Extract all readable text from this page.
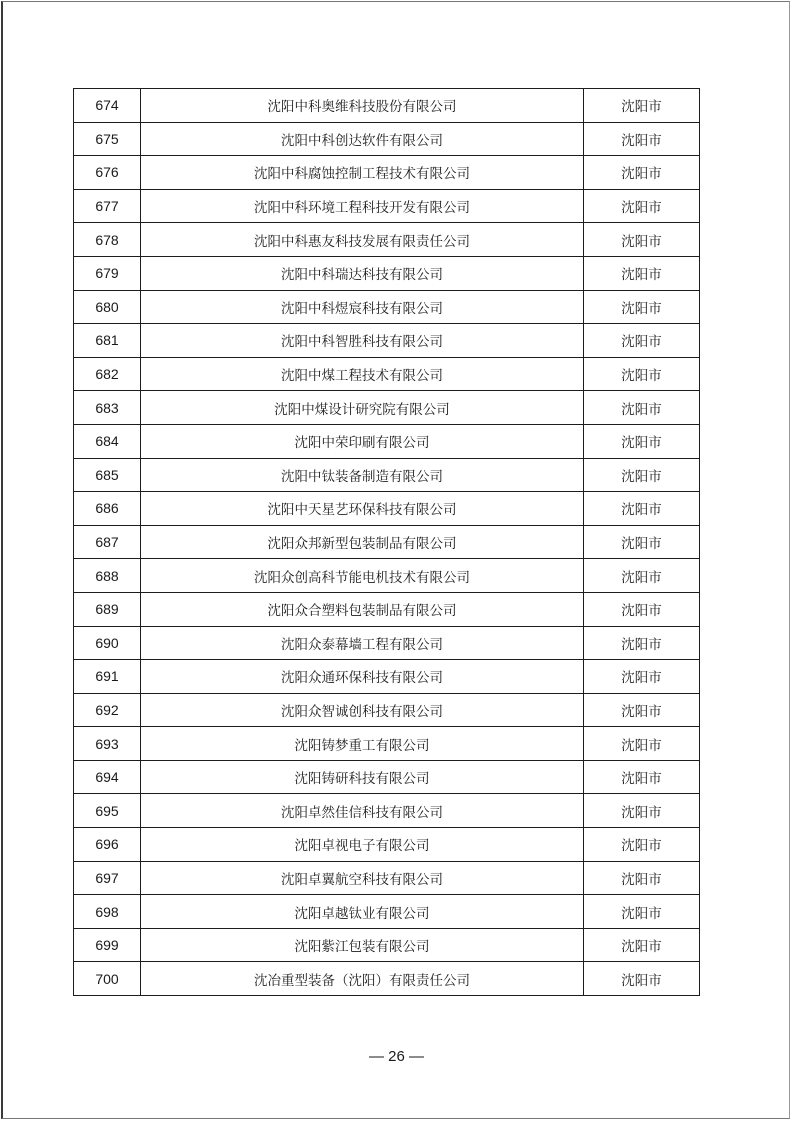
674	沈阳中科奥维科技股份有限公司	沈阳市
675	沈阳中科创达软件有限公司	沈阳市
676	沈阳中科腐蚀控制工程技术有限公司	沈阳市
677	沈阳中科环境工程科技开发有限公司	沈阳市
678	沈阳中科惠友科技发展有限责任公司	沈阳市
679	沈阳中科瑞达科技有限公司	沈阳市
680	沈阳中科煜宸科技有限公司	沈阳市
681	沈阳中科智胜科技有限公司	沈阳市
682	沈阳中煤工程技术有限公司	沈阳市
683	沈阳中煤设计研究院有限公司	沈阳市
684	沈阳中荣印刷有限公司	沈阳市
685	沈阳中钛装备制造有限公司	沈阳市
686	沈阳中天星艺环保科技有限公司	沈阳市
687	沈阳众邦新型包装制品有限公司	沈阳市
688	沈阳众创高科节能电机技术有限公司	沈阳市
689	沈阳众合塑料包装制品有限公司	沈阳市
690	沈阳众泰幕墙工程有限公司	沈阳市
691	沈阳众通环保科技有限公司	沈阳市
692	沈阳众智诚创科技有限公司	沈阳市
693	沈阳铸梦重工有限公司	沈阳市
694	沈阳铸研科技有限公司	沈阳市
695	沈阳卓然佳信科技有限公司	沈阳市
696	沈阳卓视电子有限公司	沈阳市
697	沈阳卓翼航空科技有限公司	沈阳市
698	沈阳卓越钛业有限公司	沈阳市
699	沈阳紫江包装有限公司	沈阳市
700	沈冶重型装备（沈阳）有限责任公司	沈阳市
— 26 —
